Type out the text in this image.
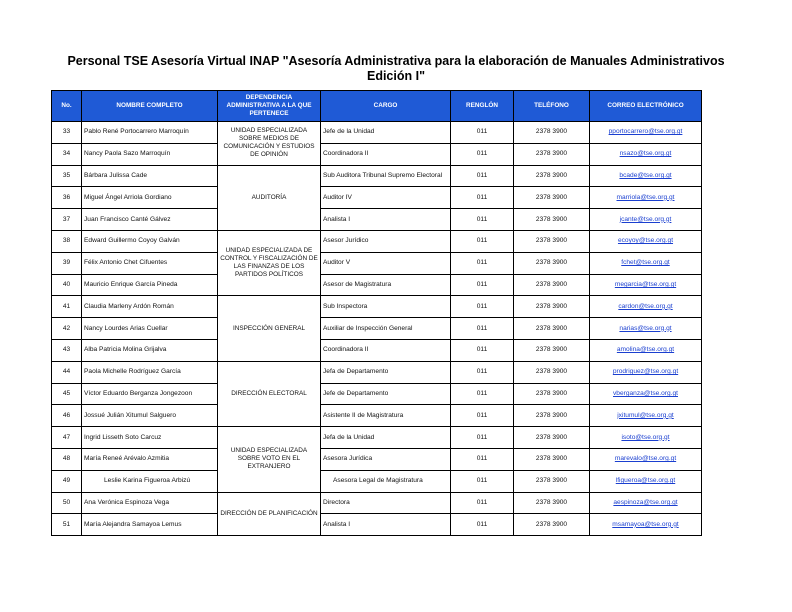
Personal TSE Asesoría Virtual INAP "Asesoría Administrativa para la elaboración de Manuales Administrativos
Edición I"
No.	NOMBRE COMPLETO	DEPENDENCIA ADMINISTRATIVA A LA QUE PERTENECE	CARGO	RENGLÓN	TELÉFONO	CORREO ELECTRÓNICO
33	Pablo René Portocarrero Marroquín	UNIDAD ESPECIALIZADA SOBRE MEDIOS DE COMUNICACIÓN Y ESTUDIOS DE OPINIÓN	Jefe de la Unidad	011	2378 3900	pportocarrero@tse.org.gt
34	Nancy Paola Sazo Marroquín		Coordinadora II	011	2378 3900	nsazo@tse.org.gt
35	Bárbara Julissa Cade	AUDITORÍA	Sub Auditora Tribunal Supremo Electoral	011	2378 3900	bcade@tse.org.gt
36	Miguel Ángel Arriola Gordiano		Auditor IV	011	2378 3900	marriola@tse.org.gt
37	Juan Francisco Canté Gálvez		Analista I	011	2378 3900	jcante@tse.org.gt
38	Edward Guillermo Coyoy Galván	UNIDAD ESPECIALIZADA DE CONTROL Y FISCALIZACIÓN DE LAS FINANZAS DE LOS PARTIDOS POLÍTICOS	Asesor Jurídico	011	2378 3900	ecoyoy@tse.org.gt
39	Félix Antonio Chet Cifuentes		Auditor V	011	2378 3900	fchet@tse.org.gt
40	Mauricio Enrique García Pineda		Asesor de Magistratura	011	2378 3900	megarcia@tse.org.gt
41	Claudia Marleny Ardón Román	INSPECCIÓN GENERAL	Sub Inspectora	011	2378 3900	cardon@tse.org.gt
42	Nancy Lourdes Arias Cuellar		Auxiliar de Inspección General	011	2378 3900	narias@tse.org.gt
43	Alba Patricia Molina Grijalva		Coordinadora II	011	2378 3900	amolina@tse.org.gt
44	Paola Michelle Rodríguez García	DIRECCIÓN ELECTORAL	Jefa de Departamento	011	2378 3900	prodriguez@tse.org.gt
45	Víctor Eduardo Berganza Jongezoon		Jefe de Departamento	011	2378 3900	vberganza@tse.org.gt
46	Jossué Julián Xitumul Salguero		Asistente II de Magistratura	011	2378 3900	jxitumul@tse.org.gt
47	Ingrid Lisseth Soto Carcuz	UNIDAD ESPECIALIZADA SOBRE VOTO EN EL EXTRANJERO	Jefa de la Unidad	011	2378 3900	isoto@tse.org.gt
48	María Reneé Arévalo Azmitia		Asesora Jurídica	011	2378 3900	marevalo@tse.org.gt
49	Leslie Karina Figueroa Arbizú		Asesora Legal de Magistratura	011	2378 3900	lfigueroa@tse.org.gt
50	Ana Verónica Espinoza Vega	DIRECCIÓN DE PLANIFICACIÓN	Directora	011	2378 3900	aespinoza@tse.org.gt
51	María Alejandra Samayoa Lemus		Analista I	011	2378 3900	msamayoa@tse.org.gt
